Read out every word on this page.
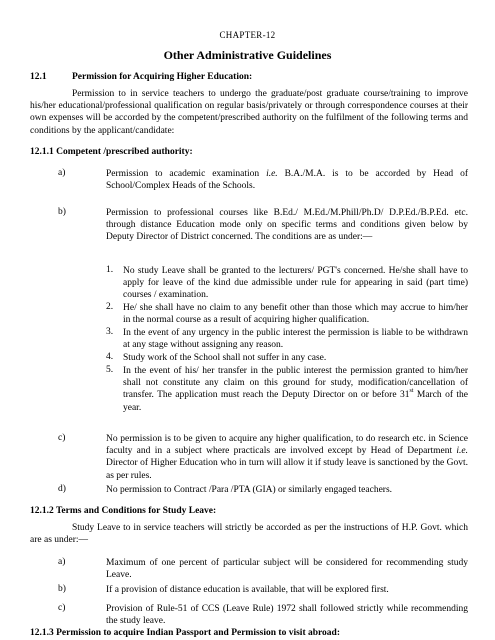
CHAPTER-12
Other Administrative Guidelines
12.1	Permission for Acquiring Higher Education:
Permission to in service teachers to undergo the graduate/post graduate course/training to improve his/her educational/professional qualification on regular basis/privately or through correspondence courses at their own expenses will be accorded by the competent/prescribed authority on the fulfilment of the following terms and conditions by the applicant/candidate:
12.1.1 Competent /prescribed authority:
a)	Permission to academic examination i.e. B.A./M.A. is to be accorded by Head of School/Complex Heads of the Schools.
b)	Permission to professional courses like B.Ed./ M.Ed./M.Phill/Ph.D/ D.P.Ed./B.P.Ed. etc. through distance Education mode only on specific terms and conditions given below by Deputy Director of District concerned. The conditions are as under:—
1. No study Leave shall be granted to the lecturers/ PGT's concerned. He/she shall have to apply for leave of the kind due admissible under rule for appearing in said (part time) courses / examination.
2. He/ she shall have no claim to any benefit other than those which may accrue to him/her in the normal course as a result of acquiring higher qualification.
3. In the event of any urgency in the public interest the permission is liable to be withdrawn at any stage without assigning any reason.
4. Study work of the School shall not suffer in any case.
5. In the event of his/ her transfer in the public interest the permission granted to him/her shall not constitute any claim on this ground for study, modification/cancellation of transfer. The application must reach the Deputy Director on or before 31st March of the year.
c)	No permission is to be given to acquire any higher qualification, to do research etc. in Science faculty and in a subject where practicals are involved except by Head of Department i.e. Director of Higher Education who in turn will allow it if study leave is sanctioned by the Govt. as per rules.
d)	No permission to Contract /Para /PTA (GIA) or similarly engaged teachers.
12.1.2 Terms and Conditions for Study Leave:
Study Leave to in service teachers will strictly be accorded as per the instructions of H.P. Govt. which are as under:—
a)	Maximum of one percent of particular subject will be considered for recommending study Leave.
b)	If a provision of distance education is available, that will be explored first.
c)	Provision of Rule-51 of CCS (Leave Rule) 1972 shall followed strictly while recommending the study leave.
12.1.3 Permission to acquire Indian Passport and Permission to visit abroad:
